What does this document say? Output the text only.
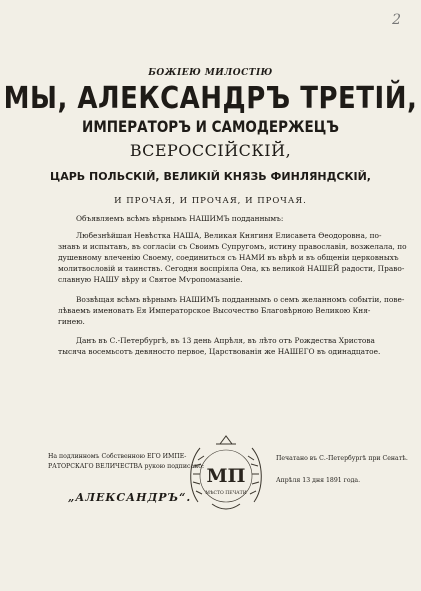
2
БОЖІЕЮ МИЛОСТІЮ
МЫ, АЛЕКСАНДРЪ ТРЕТІЙ,
ИМПЕРАТОРЪ И САМОДЕРЖЕЦЪ
ВСЕРОССІЙСКІЙ,
ЦАРЬ ПОЛЬСКІЙ, ВЕЛИКІЙ КНЯЗЬ ФИНЛЯНДСКІЙ,
И ПРОЧАЯ, И ПРОЧАЯ, И ПРОЧАЯ.
Объявляемъ всѣмъ вѣрнымъ НАШИМЪ подданнымъ:
Любезнѣйшая Невѣстка НАША, Великая Княгиня Елисавета Ѳеодоровна, по-
знавъ и испытавъ, въ согласіи съ Своимъ Супругомъ, истину православія, возжелала, по
душевному влеченію Своему, соединиться съ НАМИ въ вѣрѣ и въ общеніи церковныхъ
молитвословій и таинствъ. Сегодня воспріяла Она, къ великой НАШЕЙ радости, Право-
славную НАШУ вѣру и Святое Мѵропомазаніе.
Возвѣщая всѣмъ вѣрнымъ НАШИМЪ подданнымъ о семъ желанномъ событіи, пове-
лѣваемъ именовать Ея Императорское Высочество Благовѣрною Великою Кня-
гинею.
Данъ въ С.-Петербургѣ, въ 13 день Апрѣля, въ лѣто отъ Рождества Христова
тысяча восемьсотъ девяносто первое, Царствованія же НАШЕГО въ одинадцатое.
На подлинномъ Собственною ЕГО ИМПЕ-
РАТОРСКАГО ВЕЛИЧЕСТВА рукою подписано:
„АЛЕКСАНДРЪ“.
МП
МѢСТО ПЕЧАТИ
Печатано въ С.-Петербургѣ при Сенатѣ.
Апрѣля 13 дня 1891 года.
